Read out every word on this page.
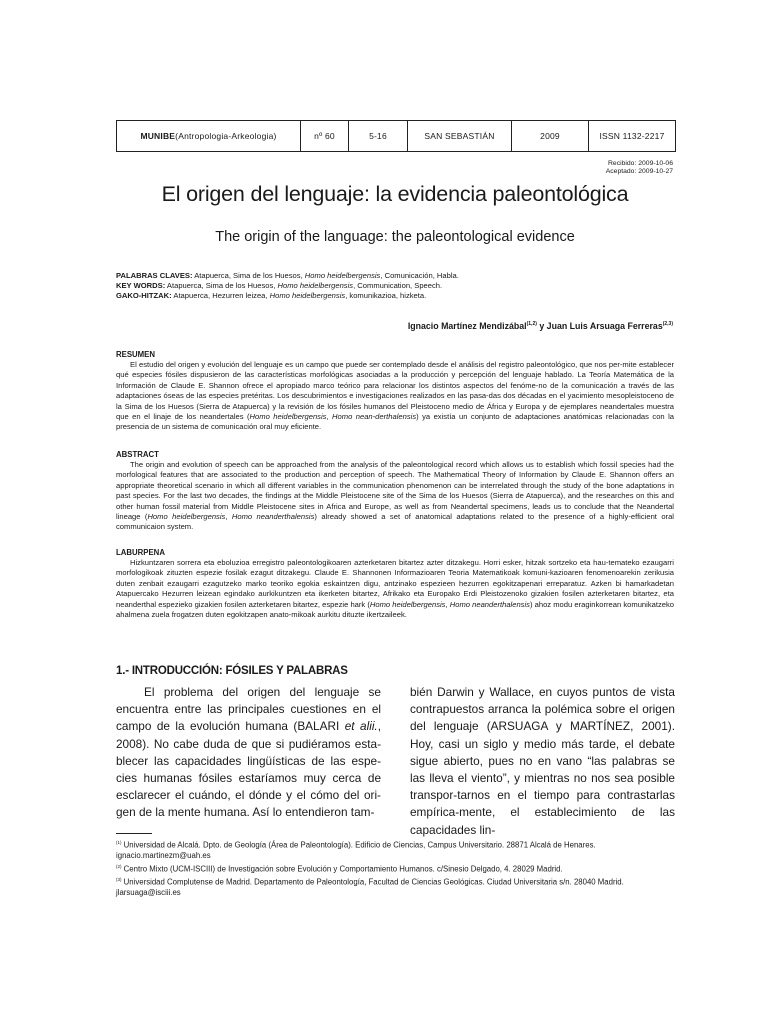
MUNIBE (Antropologia-Arkeologia)	nº 60	5-16	SAN SEBASTIÁN	2009	ISSN 1132-2217
Recibido: 2009-10-06
Aceptado: 2009-10-27
El origen del lenguaje: la evidencia paleontológica
The origin of the language: the paleontological evidence
PALABRAS CLAVES: Atapuerca, Sima de los Huesos, Homo heidelbergensis, Comunicación, Habla.
KEY WORDS: Atapuerca, Sima de los Huesos, Homo heidelbergensis, Communication, Speech.
GAKO-HITZAK: Atapuerca, Hezurren leizea, Homo heidelbergensis, komunikazioa, hizketa.
Ignacio Martínez Mendizábal$^{(1,2)}$ y Juan Luis Arsuaga Ferreras$^{(2,3)}$
RESUMEN

El estudio del origen y evolución del lenguaje es un campo que puede ser contemplado desde el análisis del registro paleontológico, que nos per-mite establecer qué especies fósiles dispusieron de las características morfológicas asociadas a la producción y percepción del lenguaje hablado. La Teoría Matemática de la Información de Claude E. Shannon ofrece el apropiado marco teórico para relacionar los distintos aspectos del fenóme-no de la comunicación a través de las adaptaciones óseas de las especies pretéritas. Los descubrimientos e investigaciones realizados en las pasa-das dos décadas en el yacimiento mesopleistoceno de la Sima de los Huesos (Sierra de Atapuerca) y la revisión de los fósiles humanos del Pleistoceno medio de África y Europa y de ejemplares neandertales muestra que en el linaje de los neandertales (Homo heidelbergensis, Homo nean-derthalensis) ya existía un conjunto de adaptaciones anatómicas relacionadas con la presencia de un sistema de comunicación oral muy eficiente.

ABSTRACT

The origin and evolution of speech can be approached from the analysis of the paleontological record which allows us to establish which fossil species had the morfological features that are associated to the production and perception of speech. The Mathematical Theory of Information by Claude E. Shannon offers an appropriate theoretical scenario in which all different variables in the communication phenomenon can be interrelated through the study of the bone adaptations in past species. For the last two decades, the findings at the Middle Pleistocene site of the Sima de los Huesos (Sierra de Atapuerca), and the researches on this and other human fossil material from Middle Pleistocene sites in Africa and Europe, as well as from Neandertal specimens, leads us to conclude that the Neandertal lineage (Homo heidelbergensis, Homo neanderthalensis) already showed a set of anatomical adaptations related to the presence of a highly-efficient oral communicaion system.

LABURPENA

Hizkuntzaren sorrera eta eboluzioa erregistro paleontologikoaren azterketaren bitartez azter ditzakegu. Horri esker, hitzak sortzeko eta hau-temateko ezaugarri morfologikoak zituzten espezie fosilak ezagut ditzakegu. Claude E. Shannonen Informazioaren Teoria Matematikoak komuni-kazioaren fenomenoarekin zerikusia duten zenbait ezaugarri ezagutzeko marko teoriko egokia eskaintzen digu, antzinako espezieen hezurren egokitzapenari erreparatuz. Azken bi hamarkadetan Atapuercako Hezurren leizean egindako aurkikuntzen eta ikerketen bitartez, Afrikako eta Europako Erdi Pleistozenoko gizakien fosilen azterketaren bitartez, eta neanderthal espezieko gizakien fosilen azterketaren bitartez, espezie hark (Homo heidelbergensis, Homo neanderthalensis) ahoz modu eraginkorrean komunikatzeko ahalmena zuela frogatzen duten egokitzapen anato-mikoak aurkitu dituzte ikertzaileek.

1.- INTRODUCCIÓN: FÓSILES Y PALABRAS

El problema del origen del lenguaje se encuentra entre las principales cuestiones en el campo de la evolución humana (BALARI et alii., 2008). No cabe duda de que si pudiéramos esta-blecer las capacidades lingüísticas de las espe-cies humanas fósiles estaríamos muy cerca de esclarecer el cuándo, el dónde y el cómo del ori-gen de la mente humana. Así lo entendieron tam-

bién Darwin y Wallace, en cuyos puntos de vista contrapuestos arranca la polémica sobre el origen del lenguaje (ARSUAGA y MARTÍNEZ, 2001). Hoy, casi un siglo y medio más tarde, el debate sigue abierto, pues no en vano “las palabras se las lleva el viento”, y mientras no nos sea posible transpor-tarnos en el tiempo para contrastarlas empírica-mente, el establecimiento de las capacidades lin-

$^{(1)}$ Universidad de Alcalá. Dpto. de Geología (Área de Paleontología). Edificio de Ciencias, Campus Universitario. 28871 Alcalá de Henares. ignacio.martinezm@uah.es

$^{(2)}$ Centro Mixto (UCM-ISCIII) de Investigación sobre Evolución y Comportamiento Humanos. c/Sinesio Delgado, 4. 28029 Madrid.

$^{(3)}$ Universidad Complutense de Madrid. Departamento de Paleontología, Facultad de Ciencias Geológicas. Ciudad Universitaria s/n. 28040 Madrid. jlarsuaga@isciii.es
